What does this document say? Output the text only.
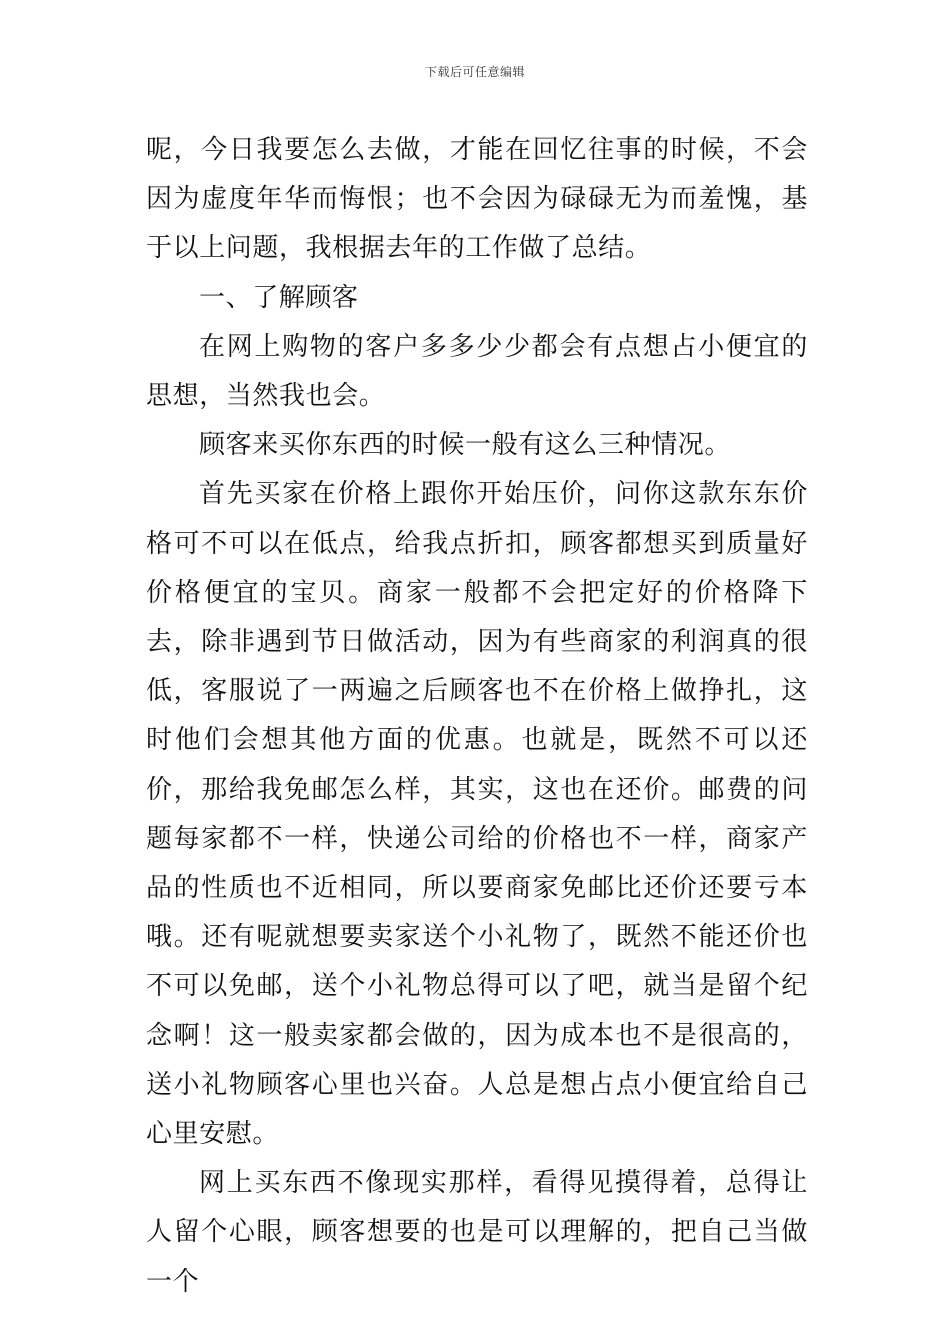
下载后可任意编辑

呢，今日我要怎么去做，才能在回忆往事的时候，不会因为虚度年华而悔恨；也不会因为碌碌无为而羞愧，基于以上问题，我根据去年的工作做了总结。

一、了解顾客

在网上购物的客户多多少少都会有点想占小便宜的思想，当然我也会。

顾客来买你东西的时候一般有这么三种情况。

首先买家在价格上跟你开始压价，问你这款东东价格可不可以在低点，给我点折扣，顾客都想买到质量好价格便宜的宝贝。商家一般都不会把定好的价格降下去，除非遇到节日做活动，因为有些商家的利润真的很低，客服说了一两遍之后顾客也不在价格上做挣扎，这时他们会想其他方面的优惠。也就是，既然不可以还价，那给我免邮怎么样，其实，这也在还价。邮费的问题每家都不一样，快递公司给的价格也不一样，商家产品的性质也不近相同，所以要商家免邮比还价还要亏本哦。还有呢就想要卖家送个小礼物了，既然不能还价也不可以免邮，送个小礼物总得可以了吧，就当是留个纪念啊！这一般卖家都会做的，因为成本也不是很高的，送小礼物顾客心里也兴奋。人总是想占点小便宜给自己心里安慰。

网上买东西不像现实那样，看得见摸得着，总得让人留个心眼，顾客想要的也是可以理解的，把自己当做一个
